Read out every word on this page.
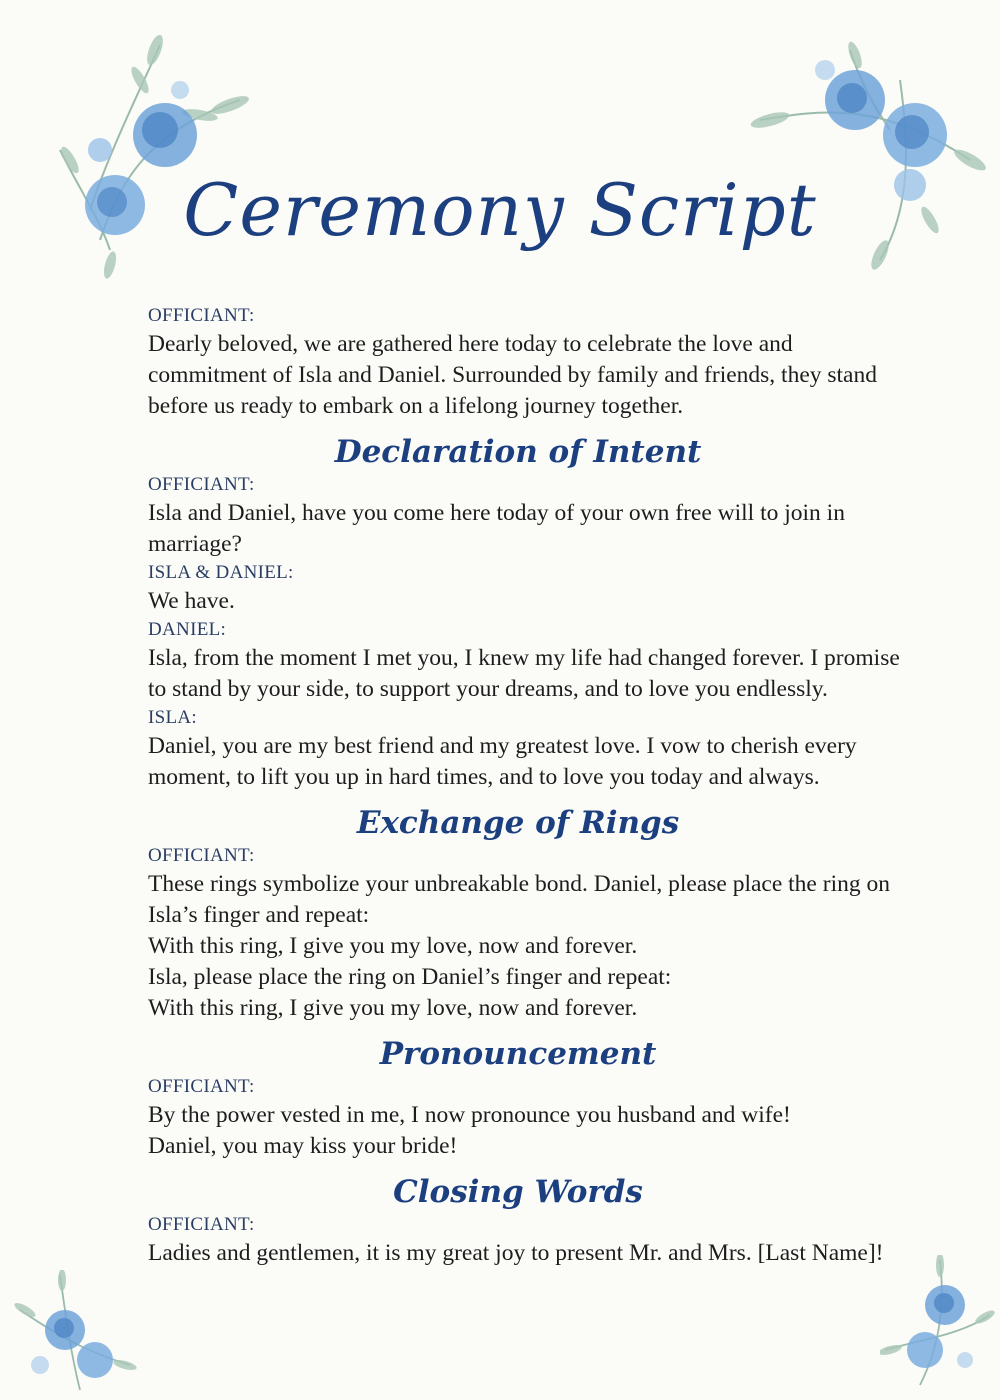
Ceremony Script
OFFICIANT:
Dearly beloved, we are gathered here today to celebrate the love and commitment of Isla and Daniel. Surrounded by family and friends, they stand before us ready to embark on a lifelong journey together.
Declaration of Intent
OFFICIANT:
Isla and Daniel, have you come here today of your own free will to join in marriage?
ISLA & DANIEL:
We have.
DANIEL:
Isla, from the moment I met you, I knew my life had changed forever. I promise to stand by your side, to support your dreams, and to love you endlessly.
ISLA:
Daniel, you are my best friend and my greatest love. I vow to cherish every moment, to lift you up in hard times, and to love you today and always.
Exchange of Rings
OFFICIANT:
These rings symbolize your unbreakable bond. Daniel, please place the ring on Isla’s finger and repeat:
With this ring, I give you my love, now and forever.
Isla, please place the ring on Daniel’s finger and repeat:
With this ring, I give you my love, now and forever.
Pronouncement
OFFICIANT:
By the power vested in me, I now pronounce you husband and wife!
Daniel, you may kiss your bride!
Closing Words
OFFICIANT:
Ladies and gentlemen, it is my great joy to present Mr. and Mrs. [Last Name]!
